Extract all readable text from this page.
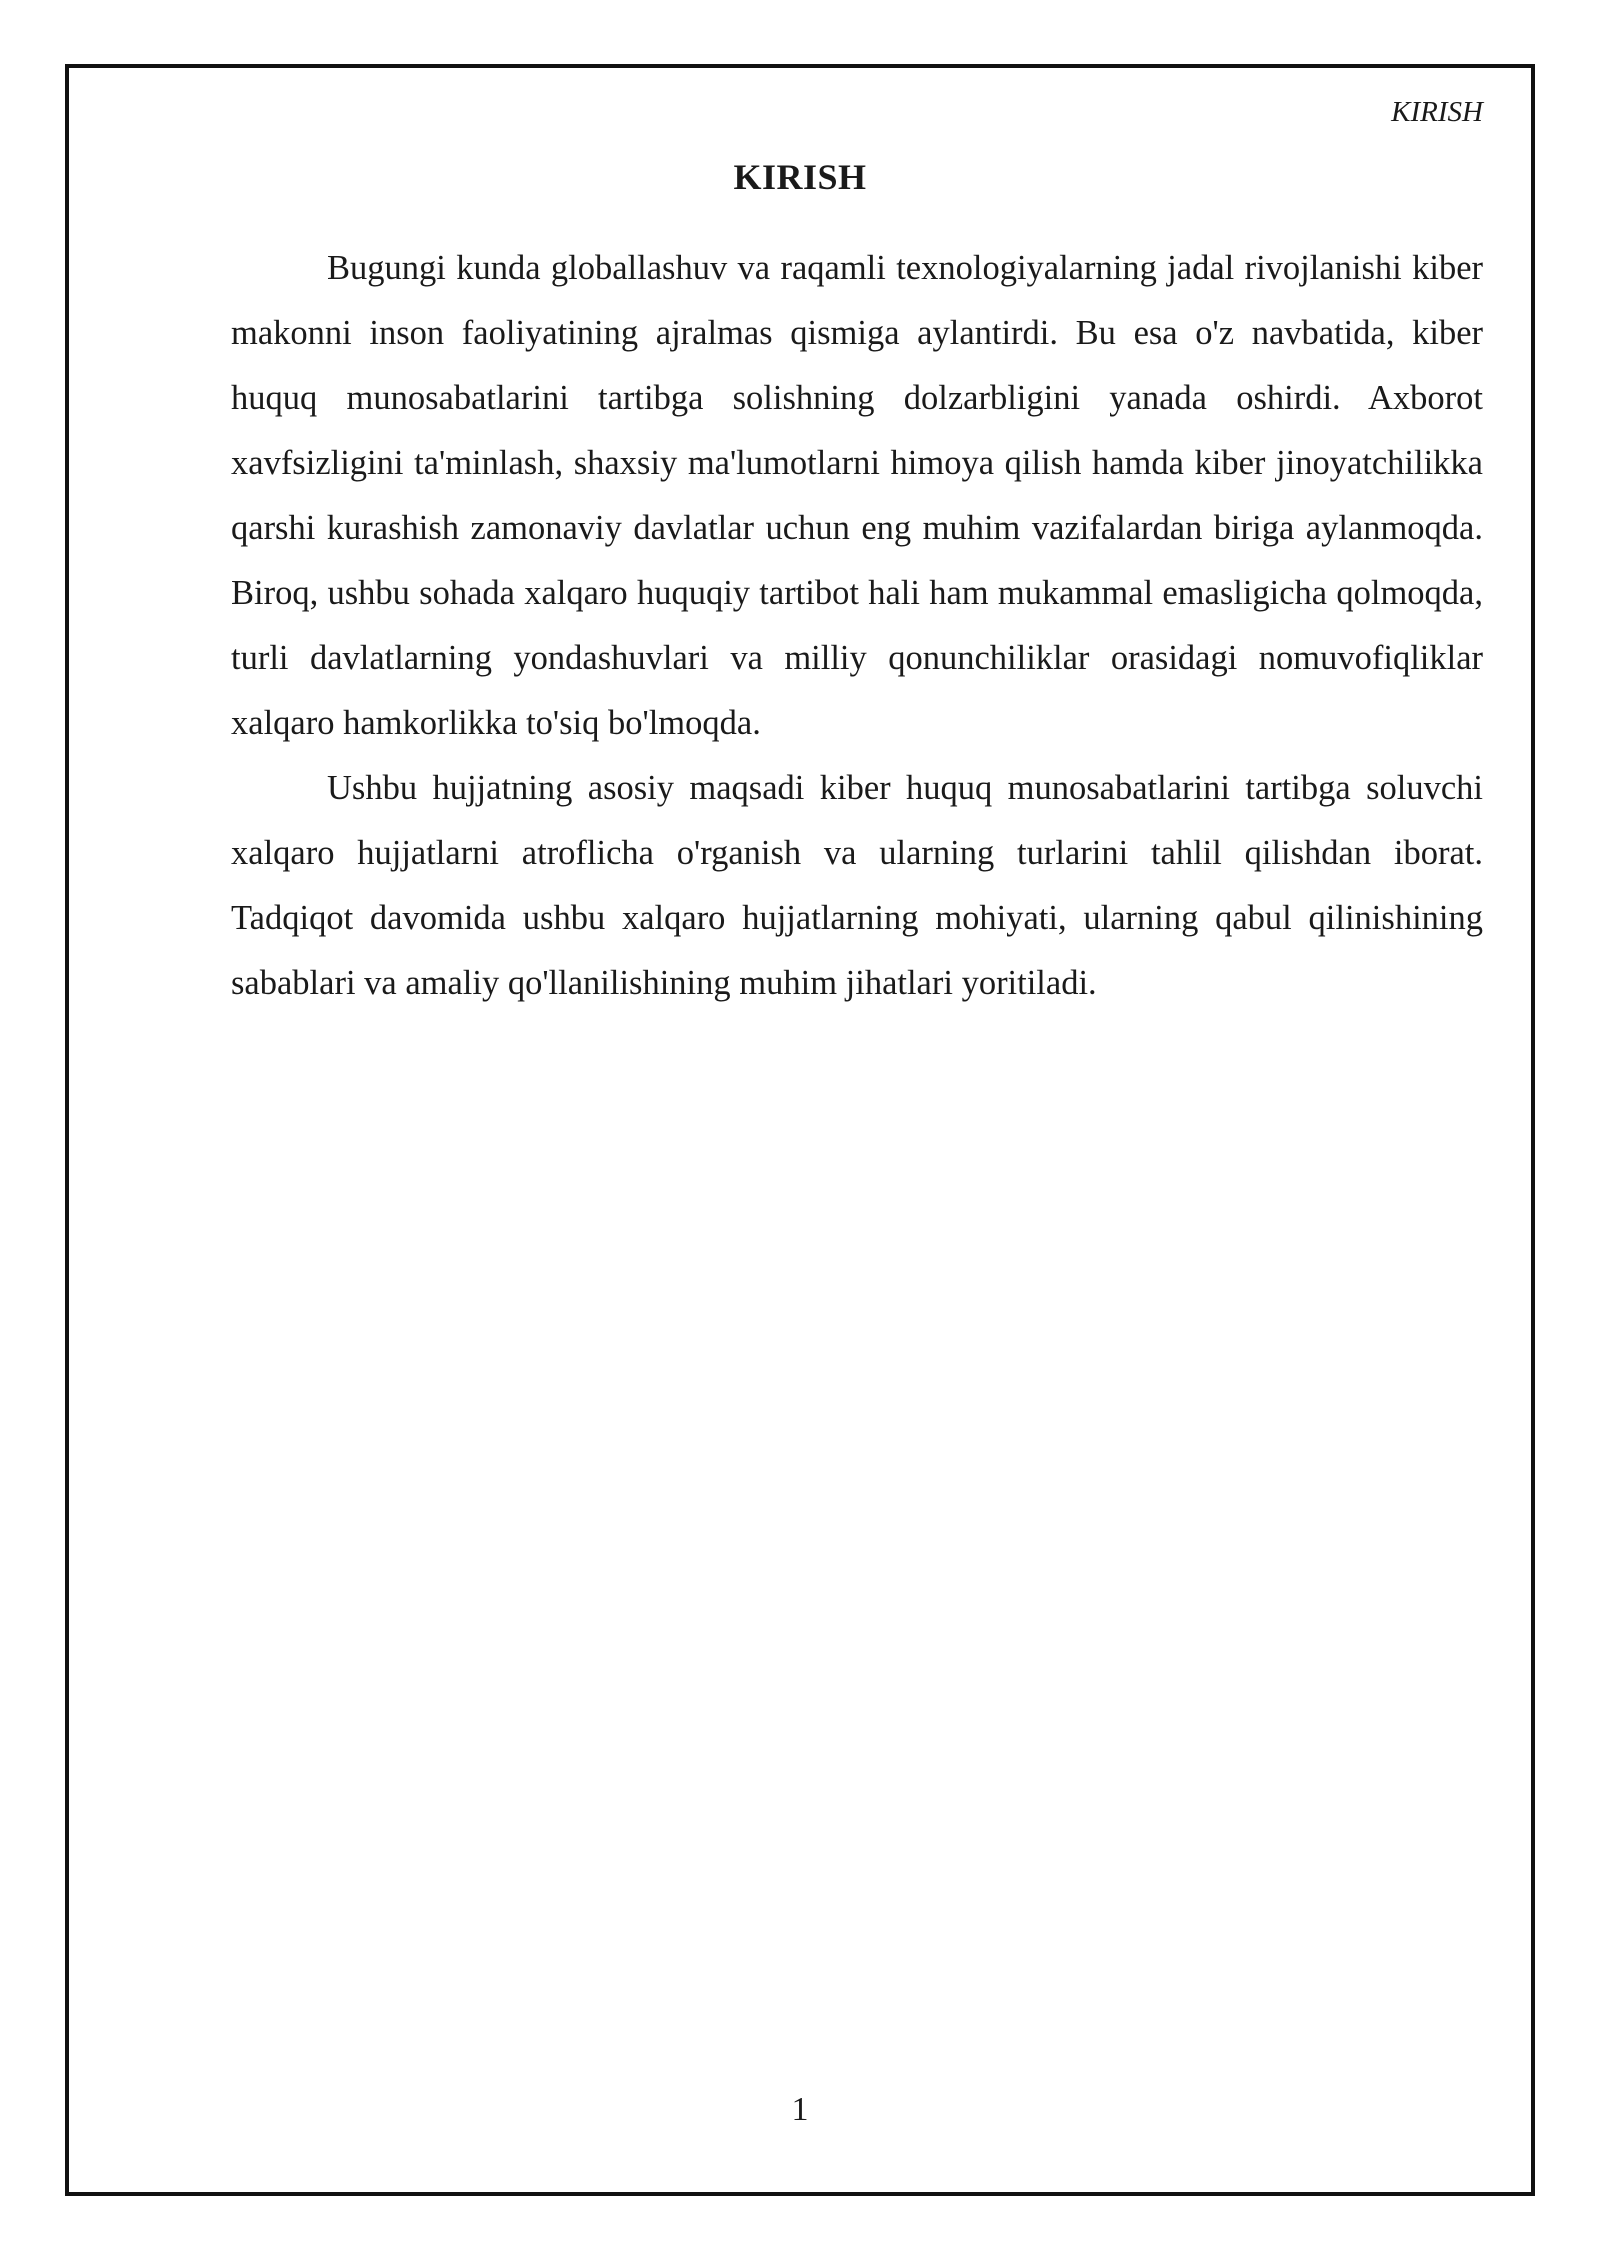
KIRISH
KIRISH

Bugungi kunda globallashuv va raqamli texnologiyalarning jadal rivojlanishi kiber makonni inson faoliyatining ajralmas qismiga aylantirdi. Bu esa o'z navbatida, kiber huquq munosabatlarini tartibga solishning dolzarbligini yanada oshirdi. Axborot xavfsizligini ta'minlash, shaxsiy ma'lumotlarni himoya qilish hamda kiber jinoyatchilikka qarshi kurashish zamonaviy davlatlar uchun eng muhim vazifalardan biriga aylanmoqda. Biroq, ushbu sohada xalqaro huquqiy tartibot hali ham mukammal emasligicha qolmoqda, turli davlatlarning yondashuvlari va milliy qonunchiliklar orasidagi nomuvofiqliklar xalqaro hamkorlikka to'siq bo'lmoqda.

Ushbu hujjatning asosiy maqsadi kiber huquq munosabatlarini tartibga soluvchi xalqaro hujjatlarni atroflicha o'rganish va ularning turlarini tahlil qilishdan iborat. Tadqiqot davomida ushbu xalqaro hujjatlarning mohiyati, ularning qabul qilinishining sabablari va amaliy qo'llanilishining muhim jihatlari yoritiladi.

1
